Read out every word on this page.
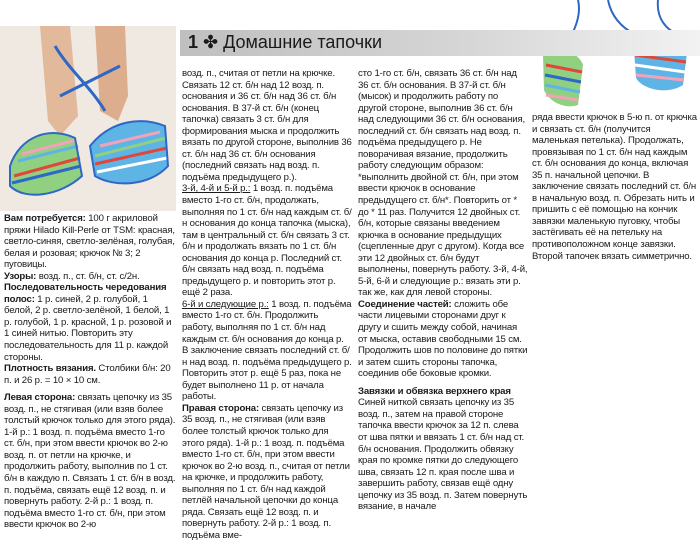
1 ✤ Домашние тапочки

Вам потребуется: 100 г акриловой пряжи Hilado Kill-Perle от TSM: красная, светло-синяя, светло-зелёная, голубая, белая и розовая; крючок № 3; 2 пуговицы.

Узоры: возд. п., ст. б/н, ст. с/2н.

Последовательность чередования полос: 1 р. синей, 2 р. голубой, 1 белой, 2 р. светло-зелёной, 1 белой, 1 р. голубой, 1 р. красной, 1 р. розовой и 1 синей нитью. Повторить эту последовательность для 11 р. каждой стороны.

Плотность вязания. Столбики б/н: 20 п. и 26 р. = 10 × 10 см.

Левая сторона: связать цепочку из 35 возд. п., не стягивая (или взяв более толстый крючок только для этого ряда). 1-й р.: 1 возд. п. подъёма вместо 1-го ст. б/н, при этом ввести крючок во 2-ю возд. п. от петли на крючке, и продолжить работу, выполнив по 1 ст. б/н в каждую п. Связать 1 ст. б/н в возд. п. подъёма, связать ещё 12 возд. п. и повернуть работу. 2-й р.: 1 возд. п. подъёма вместо 1-го ст. б/н, при этом ввести крючок во 2-ю

возд. п., считая от петли на крючке. Связать 12 ст. б/н над 12 возд. п. основания и 36 ст. б/н над 36 ст. б/н основания. В 37-й ст. б/н (конец тапочка) связать 3 ст. б/н для формирования мыска и продолжить вязать по другой стороне, выполнив 36 ст. б/н над 36 ст. б/н основания (последний связать над возд. п. подъёма предыдущего р.).

3-й, 4-й и 5-й р.: 1 возд. п. подъёма вместо 1-го ст. б/н, продолжать, выполняя по 1 ст. б/н над каждым ст. б/н основания до конца тапочка (мыска), там в центральный ст. б/н связать 3 ст. б/н и продолжать вязать по 1 ст. б/н основания до конца р. Последний ст. б/н связать над возд. п. подъёма предыдущего р. и повторить этот р. ещё 2 раза.

6-й и следующие р.: 1 возд. п. подъёма вместо 1-го ст. б/н. Продолжить работу, выполняя по 1 ст. б/н над каждым ст. б/н основания до конца р. В заключение связать последний ст. б/н над возд. п. подъёма предыдущего р. Повторить этот р. ещё 5 раз, пока не будет выполнено 11 р. от начала работы.

Правая сторона: связать цепочку из 35 возд. п., не стягивая (или взяв более толстый крючок только для этого ряда). 1-й р.: 1 возд. п. подъёма вместо 1-го ст. б/н, при этом ввести крючок во 2-ю возд. п., считая от петли на крючке, и продолжить работу, выполняя по 1 ст. б/н над каждой петлёй начальной цепочки до конца ряда. Связать ещё 12 возд. п. и повернуть работу. 2-й р.: 1 возд. п. подъёма вме-

сто 1-го ст. б/н, связать 36 ст. б/н над 36 ст. б/н основания. В 37-й ст. б/н (мысок) и продолжить работу по другой стороне, выполнив 36 ст. б/н над следующими 36 ст. б/н основания, последний ст. б/н связать над возд. п. подъёма предыдущего р. Не поворачивая вязание, продолжить работу следующим образом: *выполнить двойной ст. б/н, при этом ввести крючок в основание предыдущего ст. б/н*. Повторить от * до * 11 раз. Получится 12 двойных ст. б/н, которые связаны введением крючка в основание предыдущих (сцепленные друг с другом). Когда все эти 12 двойных ст. б/н будут выполнены, повернуть работу. 3-й, 4-й, 5-й, 6-й и следующие р.: вязать эти р. так же, как для левой стороны.

Соединение частей: сложить обе части лицевыми сторонами друг к другу и сшить между собой, начиная от мыска, оставив свободными 15 см. Продолжить шов по половине до пятки и затем сшить стороны тапочка, соединив обе боковые кромки.

Завязки и обвязка верхнего края

Синей ниткой связать цепочку из 35 возд. п., затем на правой стороне тапочка ввести крючок за 12 п. слева от шва пятки и ввязать 1 ст. б/н над ст. б/н основания. Продолжить обвязку края по кромке пятки до следующего шва, связать 12 п. края после шва и завершить работу, связав ещё одну цепочку из 35 возд. п. Затем повернуть вязание, в начале

ряда ввести крючок в 5-ю п. от крючка и связать ст. б/н (получится маленькая петелька). Продолжать, провязывая по 1 ст. б/н над каждым ст. б/н основания до конца, включая 35 п. начальной цепочки. В заключение связать последний ст. б/н в начальную возд. п. Обрезать нить и пришить с её помощью на кончик завязки маленькую пуговку, чтобы застёгивать её на петельку на противоположном конце завязки. Второй тапочек вязать симметрично.
